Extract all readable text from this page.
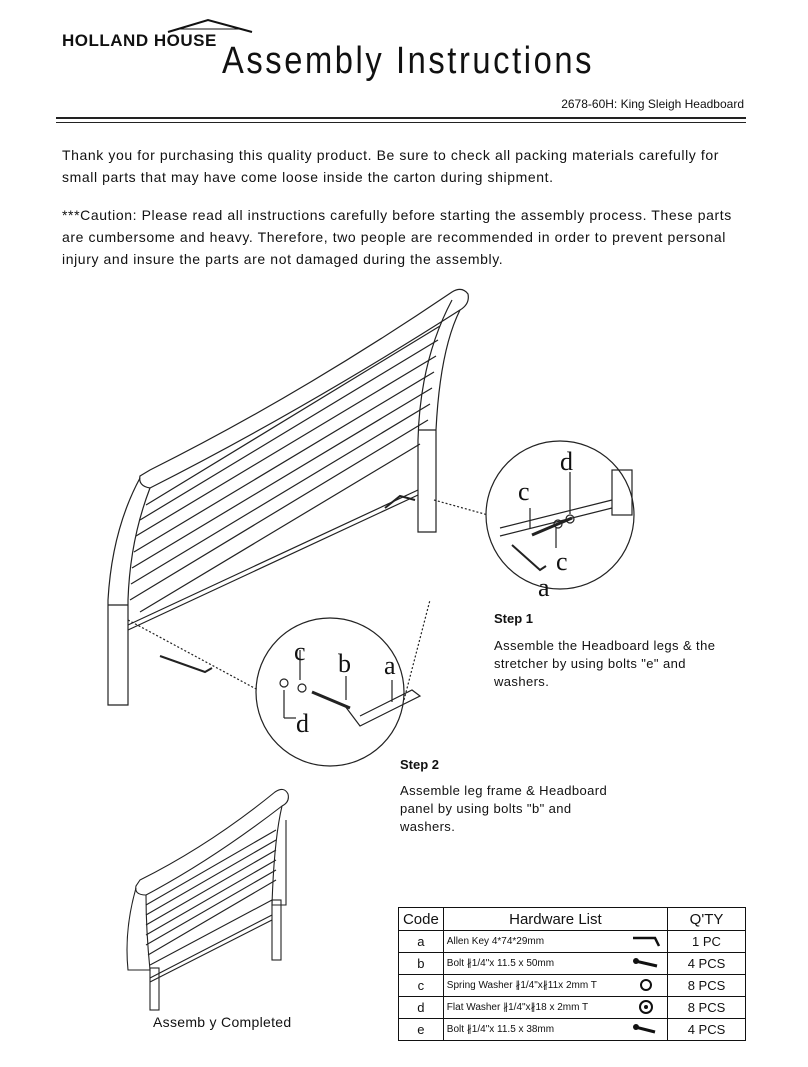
HOLLAND HOUSE Assembly Instructions
2678-60H: King Sleigh Headboard
Thank you for purchasing this quality product. Be sure to check all packing materials carefully for small parts that may have come loose inside the carton during shipment.
***Caution: Please read all instructions carefully before starting the assembly process. These parts are cumbersome and heavy. Therefore, two people are recommended in order to prevent personal injury and insure the parts are not damaged during the assembly.
d
c
c
a
c b a
d
Step 1
Assemble the Headboard legs & the stretcher by using bolts "e" and washers.
Step 2
Assemble leg frame & Headboard panel by using bolts "b" and washers.
Assemb y Completed
Code	Hardware List	Q'TY
a	Allen Key 4*74*29mm	1 PC
b	Bolt ∦1/4"x 11.5 x 50mm	4 PCS
c	Spring Washer ∦1/4"x∦11x 2mm T	8 PCS
d	Flat Washer ∦1/4"x∦18 x 2mm T	8 PCS
e	Bolt ∦1/4"x 11.5 x 38mm	4 PCS
